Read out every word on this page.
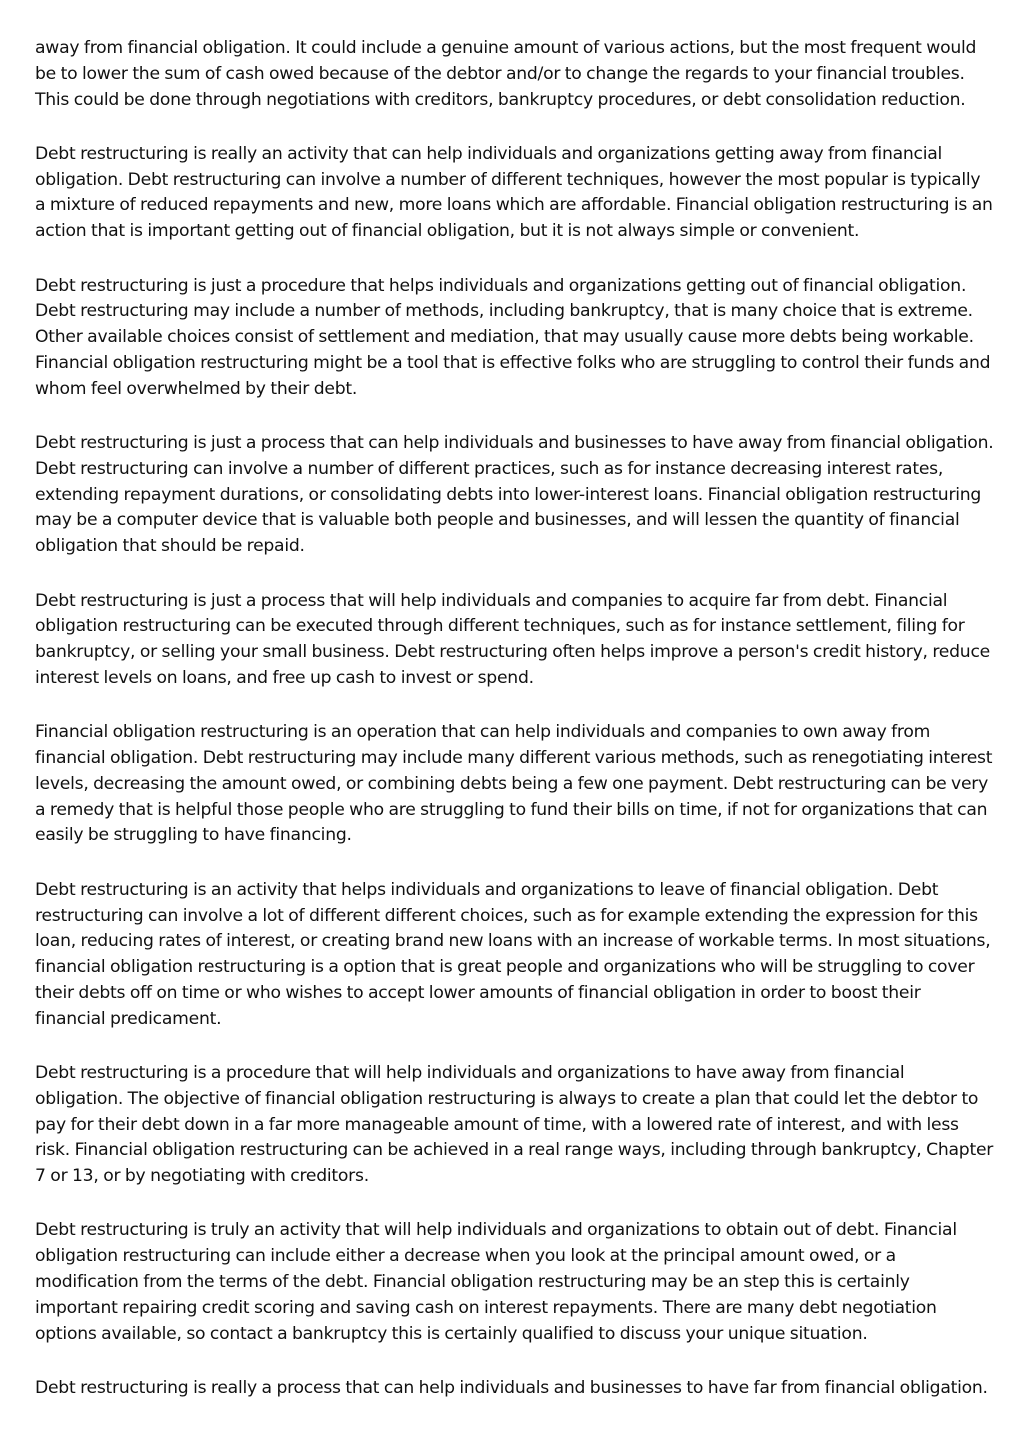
away from financial obligation. It could include a genuine amount of various actions, but the most frequent would be to lower the sum of cash owed because of the debtor and/or to change the regards to your financial troubles. This could be done through negotiations with creditors, bankruptcy procedures, or debt consolidation reduction.

Debt restructuring is really an activity that can help individuals and organizations getting away from financial obligation. Debt restructuring can involve a number of different techniques, however the most popular is typically a mixture of reduced repayments and new, more loans which are affordable. Financial obligation restructuring is an action that is important getting out of financial obligation, but it is not always simple or convenient.

Debt restructuring is just a procedure that helps individuals and organizations getting out of financial obligation. Debt restructuring may include a number of methods, including bankruptcy, that is many choice that is extreme. Other available choices consist of settlement and mediation, that may usually cause more debts being workable. Financial obligation restructuring might be a tool that is effective folks who are struggling to control their funds and whom feel overwhelmed by their debt.

Debt restructuring is just a process that can help individuals and businesses to have away from financial obligation. Debt restructuring can involve a number of different practices, such as for instance decreasing interest rates, extending repayment durations, or consolidating debts into lower-interest loans. Financial obligation restructuring may be a computer device that is valuable both people and businesses, and will lessen the quantity of financial obligation that should be repaid.

Debt restructuring is just a process that will help individuals and companies to acquire far from debt. Financial obligation restructuring can be executed through different techniques, such as for instance settlement, filing for bankruptcy, or selling your small business. Debt restructuring often helps improve a person's credit history, reduce interest levels on loans, and free up cash to invest or spend.

Financial obligation restructuring is an operation that can help individuals and companies to own away from financial obligation. Debt restructuring may include many different various methods, such as renegotiating interest levels, decreasing the amount owed, or combining debts being a few one payment. Debt restructuring can be very a remedy that is helpful those people who are struggling to fund their bills on time, if not for organizations that can easily be struggling to have financing.

Debt restructuring is an activity that helps individuals and organizations to leave of financial obligation. Debt restructuring can involve a lot of different different choices, such as for example extending the expression for this loan, reducing rates of interest, or creating brand new loans with an increase of workable terms. In most situations, financial obligation restructuring is a option that is great people and organizations who will be struggling to cover their debts off on time or who wishes to accept lower amounts of financial obligation in order to boost their financial predicament.

Debt restructuring is a procedure that will help individuals and organizations to have away from financial obligation. The objective of financial obligation restructuring is always to create a plan that could let the debtor to pay for their debt down in a far more manageable amount of time, with a lowered rate of interest, and with less risk. Financial obligation restructuring can be achieved in a real range ways, including through bankruptcy, Chapter 7 or 13, or by negotiating with creditors.

Debt restructuring is truly an activity that will help individuals and organizations to obtain out of debt. Financial obligation restructuring can include either a decrease when you look at the principal amount owed, or a modification from the terms of the debt. Financial obligation restructuring may be an step this is certainly important repairing credit scoring and saving cash on interest repayments. There are many debt negotiation options available, so contact a bankruptcy this is certainly qualified to discuss your unique situation.

Debt restructuring is really a process that can help individuals and businesses to have far from financial obligation.
